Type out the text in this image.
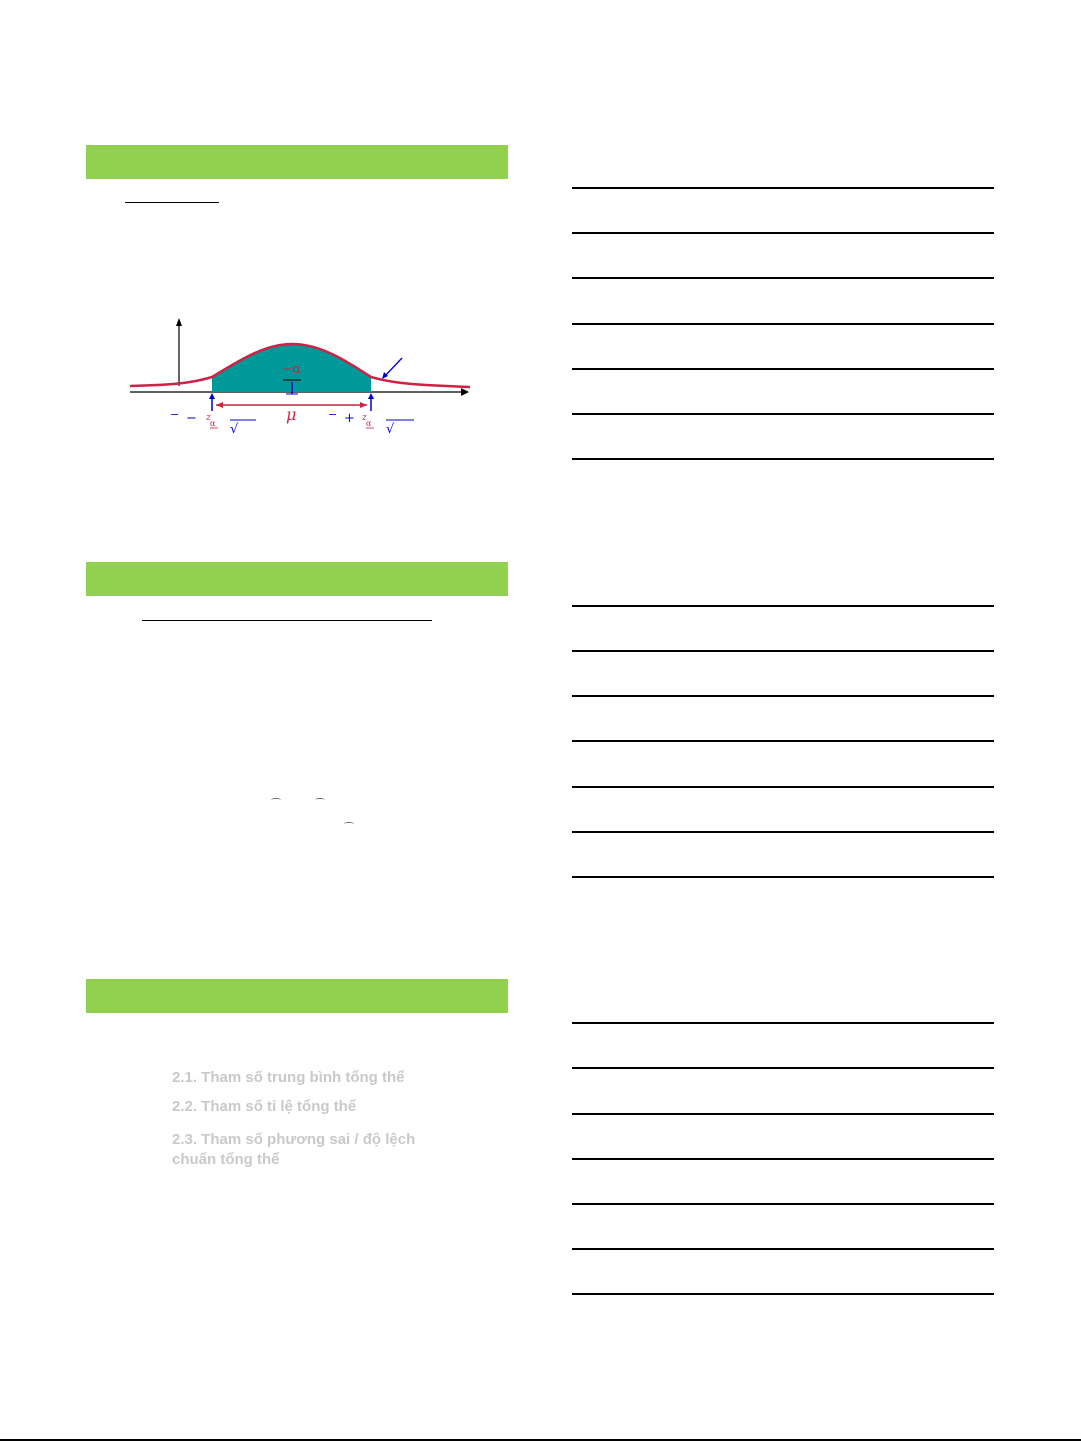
α
μ
− − z
α √
− + z
α √
⌒	⌒
⌒
2.1. Tham số trung bình tổng thể
2.2. Tham số tỉ lệ tổng thể
2.3. Tham số phương sai / độ lệch chuẩn tổng thể
